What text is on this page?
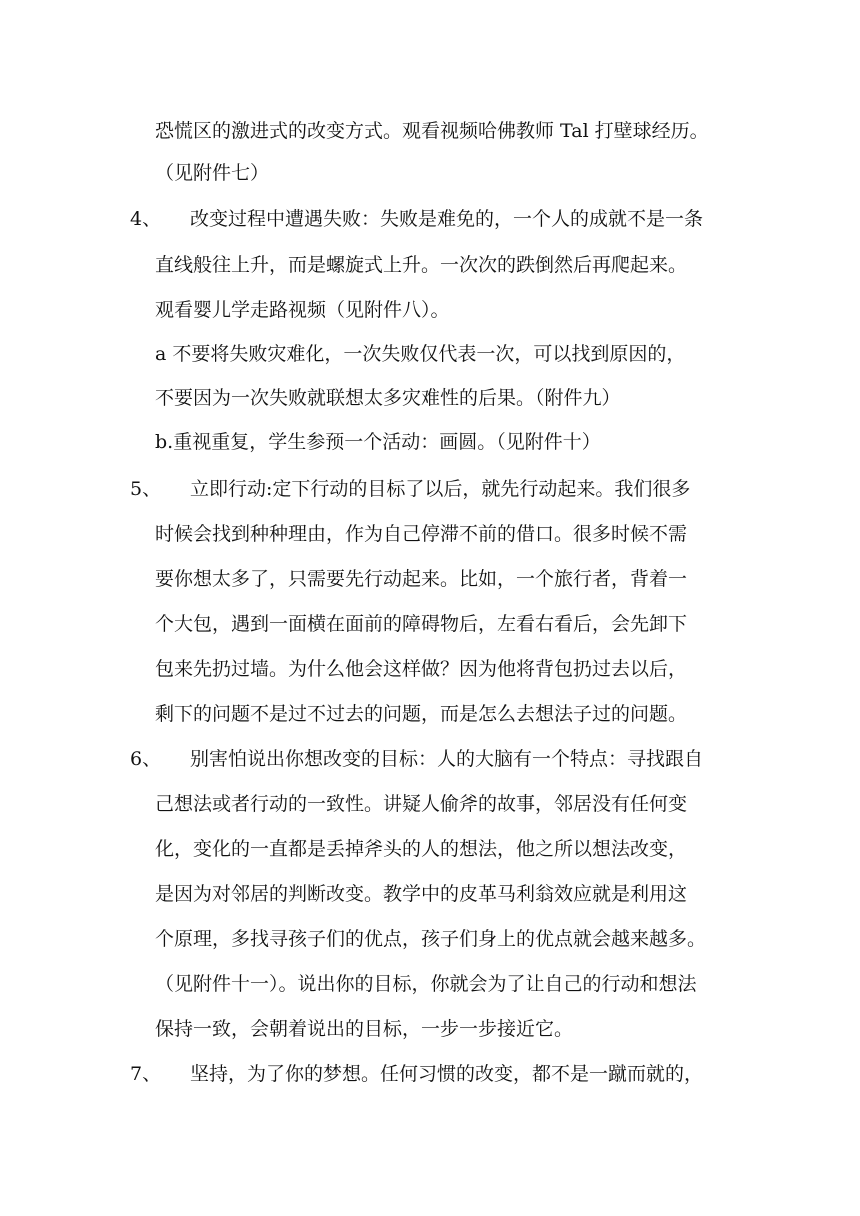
恐慌区的激进式的改变方式。观看视频哈佛教师 Tal 打壁球经历。
（见附件七）
4、 改变过程中遭遇失败：失败是难免的，一个人的成就不是一条
直线般往上升，而是螺旋式上升。一次次的跌倒然后再爬起来。
观看婴儿学走路视频（见附件八）。
a 不要将失败灾难化，一次失败仅代表一次，可以找到原因的，
不要因为一次失败就联想太多灾难性的后果。（附件九）
b.重视重复，学生参预一个活动：画圆。（见附件十）
5、 立即行动:定下行动的目标了以后，就先行动起来。我们很多
时候会找到种种理由，作为自己停滞不前的借口。很多时候不需
要你想太多了，只需要先行动起来。比如，一个旅行者，背着一
个大包，遇到一面横在面前的障碍物后，左看右看后，会先卸下
包来先扔过墙。为什么他会这样做？因为他将背包扔过去以后，
剩下的问题不是过不过去的问题，而是怎么去想法子过的问题。
6、 别害怕说出你想改变的目标：人的大脑有一个特点：寻找跟自
己想法或者行动的一致性。讲疑人偷斧的故事，邻居没有任何变
化，变化的一直都是丢掉斧头的人的想法，他之所以想法改变，
是因为对邻居的判断改变。教学中的皮革马利翁效应就是利用这
个原理，多找寻孩子们的优点，孩子们身上的优点就会越来越多。
（见附件十一）。说出你的目标，你就会为了让自己的行动和想法
保持一致，会朝着说出的目标，一步一步接近它。
7、 坚持，为了你的梦想。任何习惯的改变，都不是一蹴而就的，
